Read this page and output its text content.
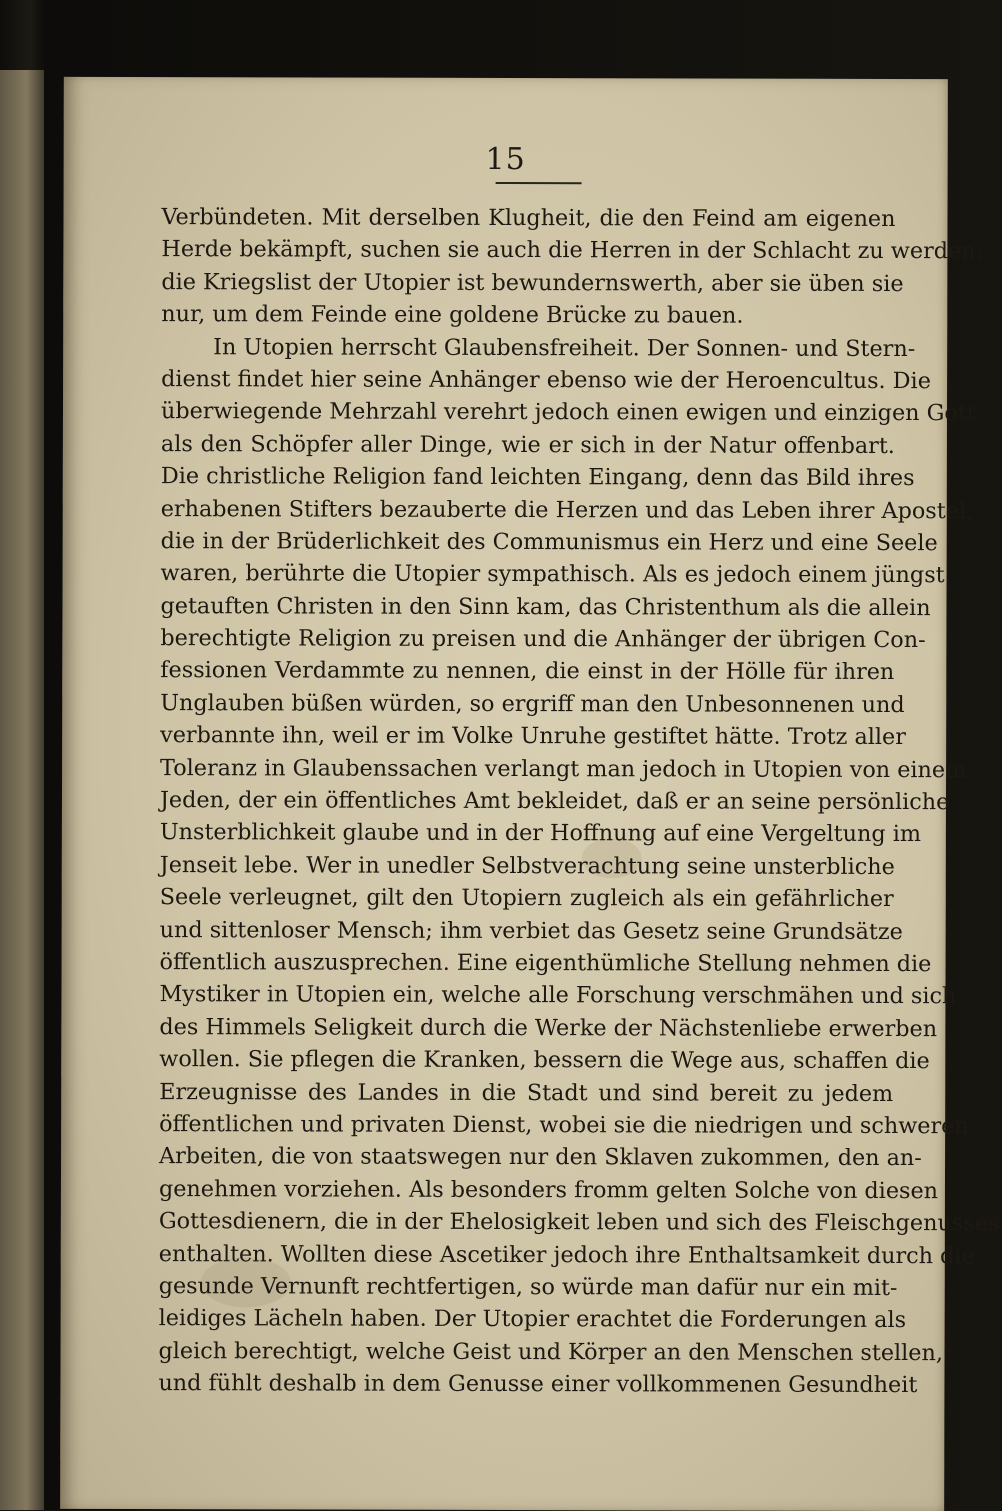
15
Verbündeten. Mit derselben Klugheit, die den Feind am eigenen
Herde bekämpft, suchen sie auch die Herren in der Schlacht zu werden;
die Kriegslist der Utopier ist bewundernswerth, aber sie üben sie
nur, um dem Feinde eine goldene Brücke zu bauen.
In Utopien herrscht Glaubensfreiheit. Der Sonnen- und Stern-
dienst findet hier seine Anhänger ebenso wie der Heroencultus. Die
überwiegende Mehrzahl verehrt jedoch einen ewigen und einzigen Gott
als den Schöpfer aller Dinge, wie er sich in der Natur offenbart.
Die christliche Religion fand leichten Eingang, denn das Bild ihres
erhabenen Stifters bezauberte die Herzen und das Leben ihrer Apostel,
die in der Brüderlichkeit des Communismus ein Herz und eine Seele
waren, berührte die Utopier sympathisch. Als es jedoch einem jüngst
getauften Christen in den Sinn kam, das Christenthum als die allein
berechtigte Religion zu preisen und die Anhänger der übrigen Con-
fessionen Verdammte zu nennen, die einst in der Hölle für ihren
Unglauben büßen würden, so ergriff man den Unbesonnenen und
verbannte ihn, weil er im Volke Unruhe gestiftet hätte. Trotz aller
Toleranz in Glaubenssachen verlangt man jedoch in Utopien von einem
Jeden, der ein öffentliches Amt bekleidet, daß er an seine persönliche
Unsterblichkeit glaube und in der Hoffnung auf eine Vergeltung im
Jenseit lebe. Wer in unedler Selbstverachtung seine unsterbliche
Seele verleugnet, gilt den Utopiern zugleich als ein gefährlicher
und sittenloser Mensch; ihm verbiet das Gesetz seine Grundsätze
öffentlich auszusprechen. Eine eigenthümliche Stellung nehmen die
Mystiker in Utopien ein, welche alle Forschung verschmähen und sich
des Himmels Seligkeit durch die Werke der Nächstenliebe erwerben
wollen. Sie pflegen die Kranken, bessern die Wege aus, schaffen die
Erzeugnisse des Landes in die Stadt und sind bereit zu jedem
öffentlichen und privaten Dienst, wobei sie die niedrigen und schweren
Arbeiten, die von staatswegen nur den Sklaven zukommen, den an-
genehmen vorziehen. Als besonders fromm gelten Solche von diesen
Gottesdienern, die in der Ehelosigkeit leben und sich des Fleischgenusses
enthalten. Wollten diese Ascetiker jedoch ihre Enthaltsamkeit durch die
gesunde Vernunft rechtfertigen, so würde man dafür nur ein mit-
leidiges Lächeln haben. Der Utopier erachtet die Forderungen als
gleich berechtigt, welche Geist und Körper an den Menschen stellen,
und fühlt deshalb in dem Genusse einer vollkommenen Gesundheit
